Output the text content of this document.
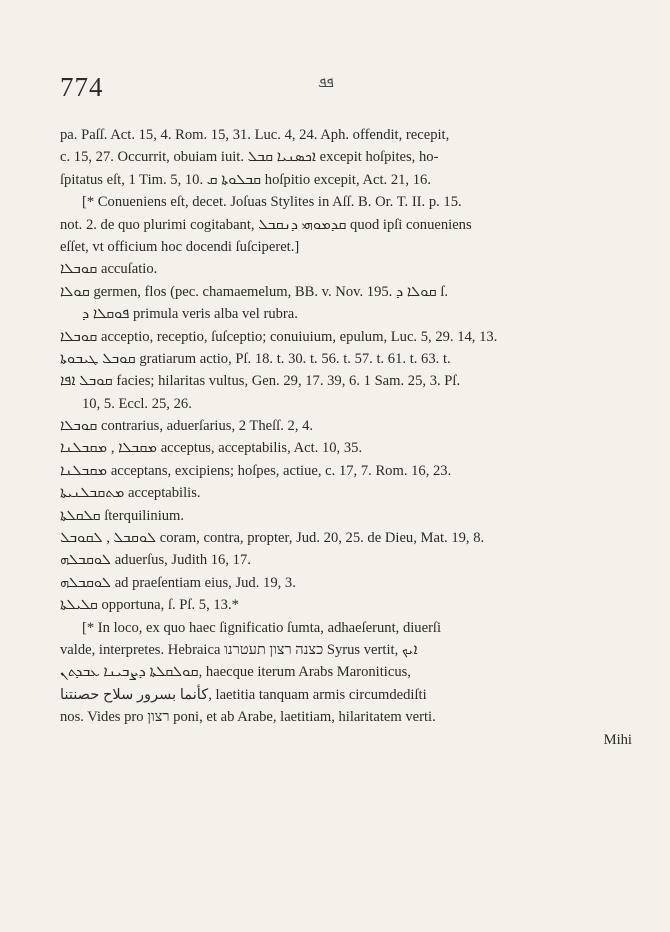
774	ܦܦ
pa. Paſſ. Act. 15, 4. Rom. 15, 31. Luc. 4, 24. Aph. offendit, recepit,
c. 15, 27. Occurrit, obuiam iuit. ܐܟܣܢܝܐ ܩܒܠ excepit hoſpites, ho-
ſpitatus eſt, 1 Tim. 5, 10. ܩܒܠܘܬܐ ܩ hoſpitio excepit, Act. 21, 16.
[* Conueniens eſt, decet. Joſuas Stylites in Aſſ. B. Or. T. II. p. 15.
not. 2. de quo plurimi cogitabant, ܩܕܡܘܗܝ ܕܢܩܒܠ quod ipſi conueniens
eſſet, vt officium hoc docendi ſuſciperet.]
ܩܘܒܠܐ accuſatio.
ܩܘܠܐ germen, flos (pec. chamaemelum, BB. v. Nov. 195. ܩܘܠܐ ܕ ſ.
ܦܘܩܠܐ ܕ primula veris alba vel rubra.
ܩܘܒܠܐ acceptio, receptio, ſuſceptio; conuiuium, epulum, Luc. 5, 29. 14, 13.
ܩܘܒܠ ܛܝܒܘܬܐ gratiarum actio, Pſ. 18. t. 30. t. 56. t. 57. t. 61. t. 63. t.
ܩܘܒܠ ܐܦܐ facies; hilaritas vultus, Gen. 29, 17. 39, 6. 1 Sam. 25, 3. Pſ.
10, 5. Eccl. 25, 26.
ܩܘܒܠܐ contrarius, aduerſarius, 2 Theſſ. 2, 4.
ܡܩܒܠܐ , ܡܩܒܠܢܐ acceptus, acceptabilis, Act. 10, 35.
ܡܩܒܠܢܐ acceptans, excipiens; hoſpes, actiue, c. 17, 7. Rom. 16, 23.
ܡܬܩܒܠܢܝܬܐ acceptabilis.
ܩܠܩܠܬܐ ſterquilinium.
ܠܘܩܒܠ , ܠܩܘܒܠ coram, contra, propter, Jud. 20, 25. de Dieu, Mat. 19, 8.
ܠܘܩܒܠܗ aduerſus, Judith 16, 17.
ܠܘܩܒܠܗ ad praeſentiam eius, Jud. 19, 3.
ܩܠܝܠܬܐ opportuna, ſ. Pſ. 5, 13.*
[* In loco, ex quo haec ſignificatio ſumta, adhaeſerunt, diuerſi
valde, interpretes. Hebraica כצנה רצון תעטרנו Syrus vertit, ܐܝܟ
ܩܘܠܩܠܬܐ ܕܨܒܝܢܐ ܥܒܕܬܢ, haecque iterum Arabs Maroniticus,
كأنما بسرور سلاح حصنتنا, laetitia tanquam armis circumdediſti
nos. Vides pro רצון poni, et ab Arabe, laetitiam, hilaritatem verti.
Mihi
